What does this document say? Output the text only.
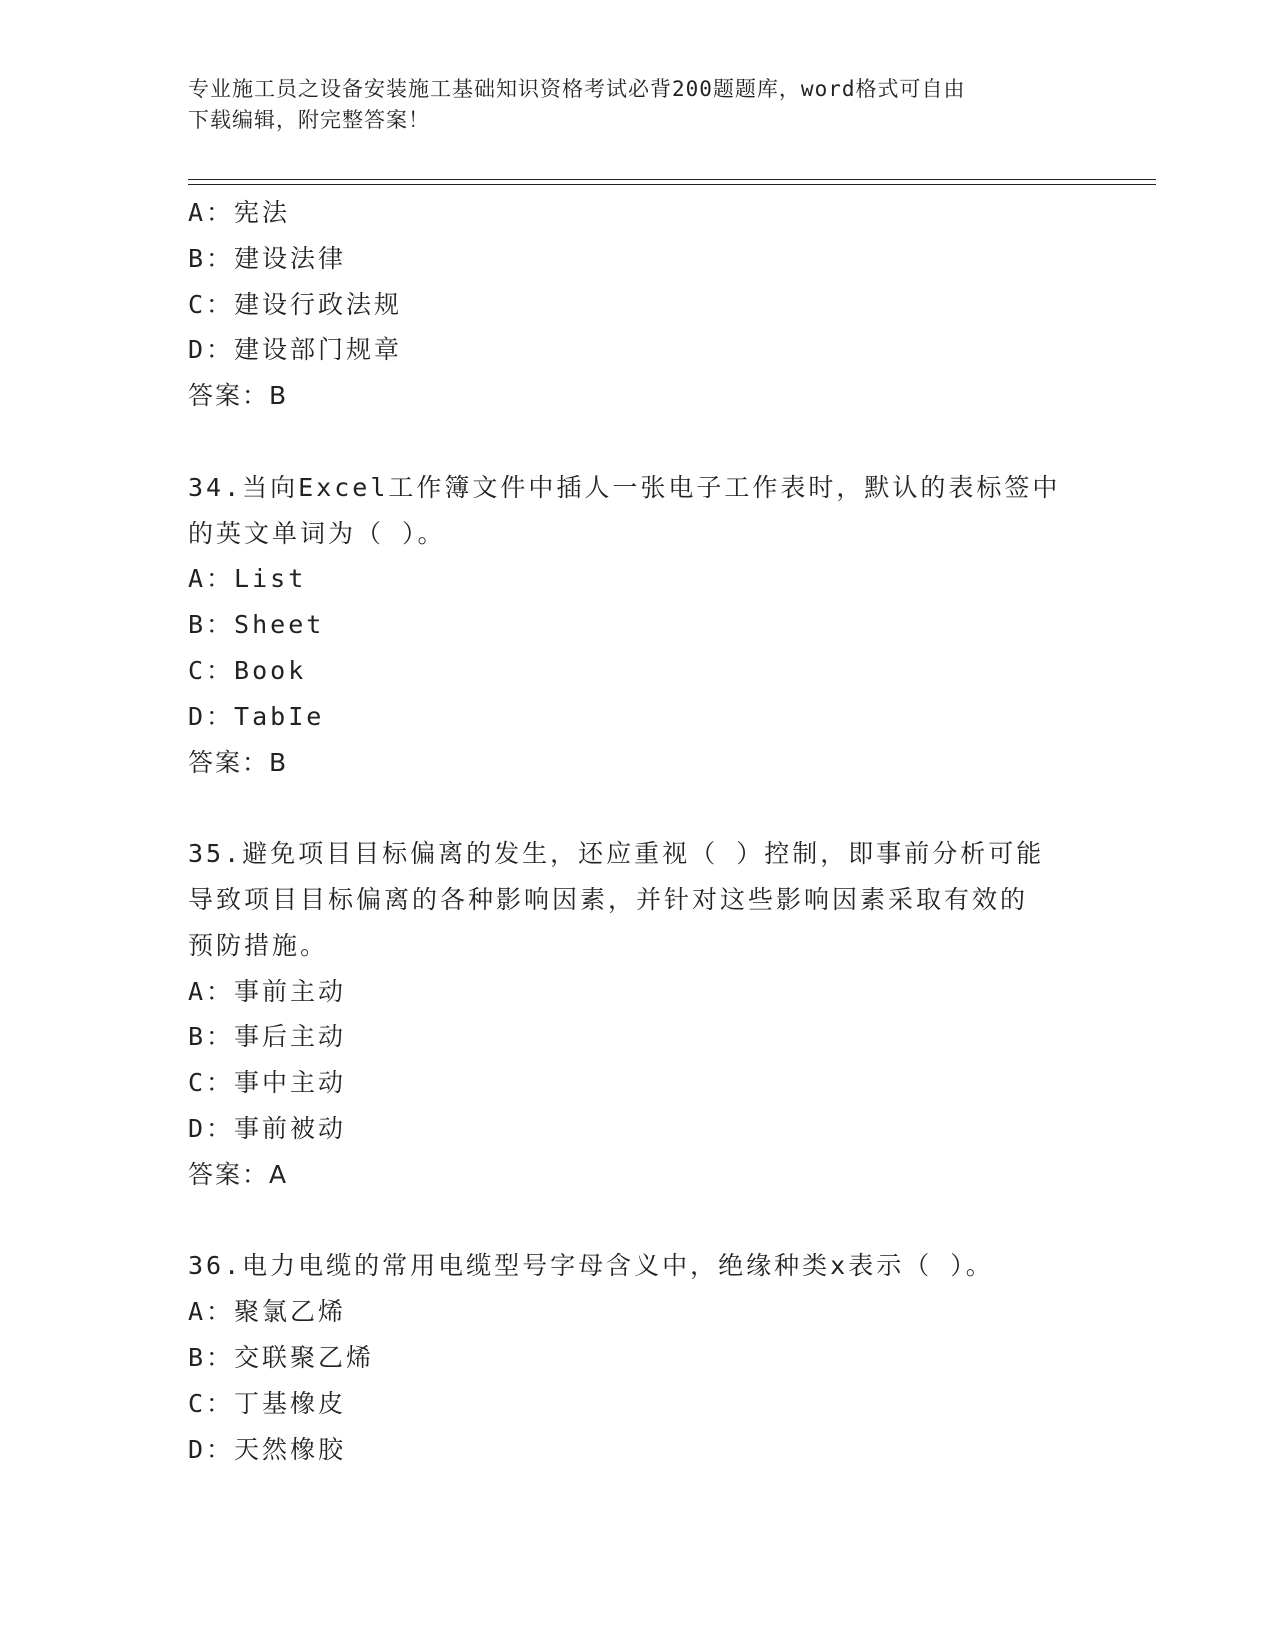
专业施工员之设备安装施工基础知识资格考试必背200题题库，word格式可自由
下载编辑，附完整答案！
A：宪法
B：建设法律
C：建设行政法规
D：建设部门规章
答案：B
34.当向Excel工作簿文件中插人一张电子工作表时，默认的表标签中
的英文单词为（ ）。
A：List
B：Sheet
C：Book
D：TabIe
答案：B
35.避免项目目标偏离的发生，还应重视（ ）控制，即事前分析可能
导致项目目标偏离的各种影响因素，并针对这些影响因素采取有效的
预防措施。
A：事前主动
B：事后主动
C：事中主动
D：事前被动
答案：A
36.电力电缆的常用电缆型号字母含义中，绝缘种类x表示（ ）。
A：聚氯乙烯
B：交联聚乙烯
C：丁基橡皮
D：天然橡胶
